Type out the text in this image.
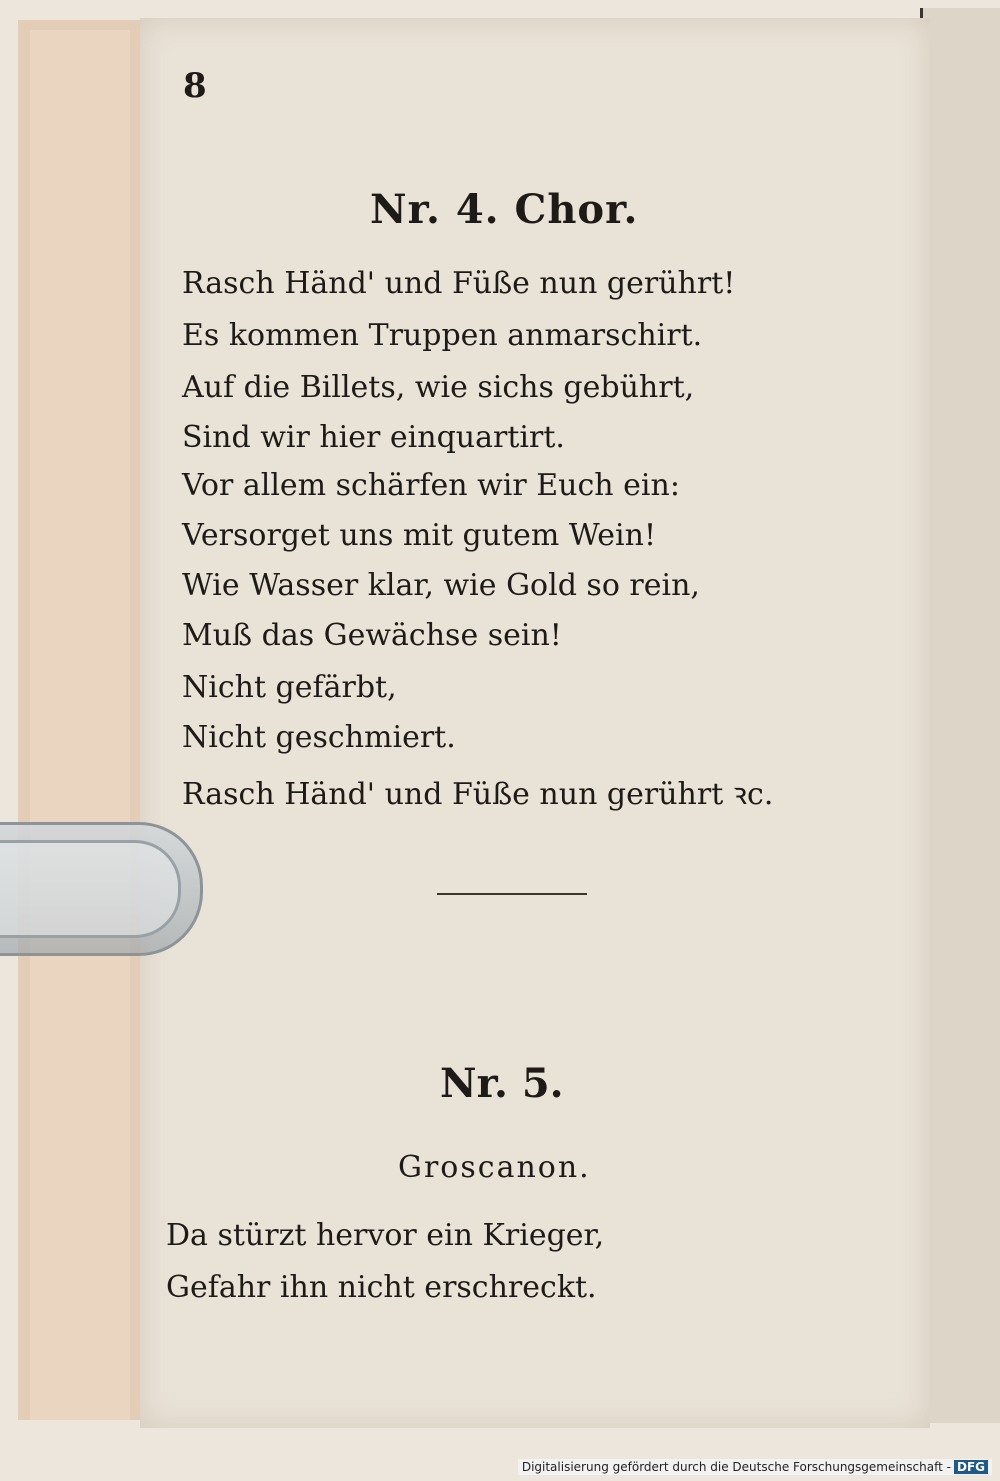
8
Nr. 4. Chor.
Rasch Händ' und Füße nun gerührt!
Es kommen Truppen anmarschirt.
Auf die Billets, wie sichs gebührt,
Sind wir hier einquartirt.
Vor allem schärfen wir Euch ein:
Versorget uns mit gutem Wein!
Wie Wasser klar, wie Gold so rein,
Muß das Gewächse sein!
Nicht gefärbt,
Nicht geschmiert.
Rasch Händ' und Füße nun gerührt ꝛc.
Nr. 5.
Groscanon.
Da stürzt hervor ein Krieger,
Gefahr ihn nicht erschreckt.
Digitalisierung gefördert durch die Deutsche Forschungsgemeinschaft - DFG
